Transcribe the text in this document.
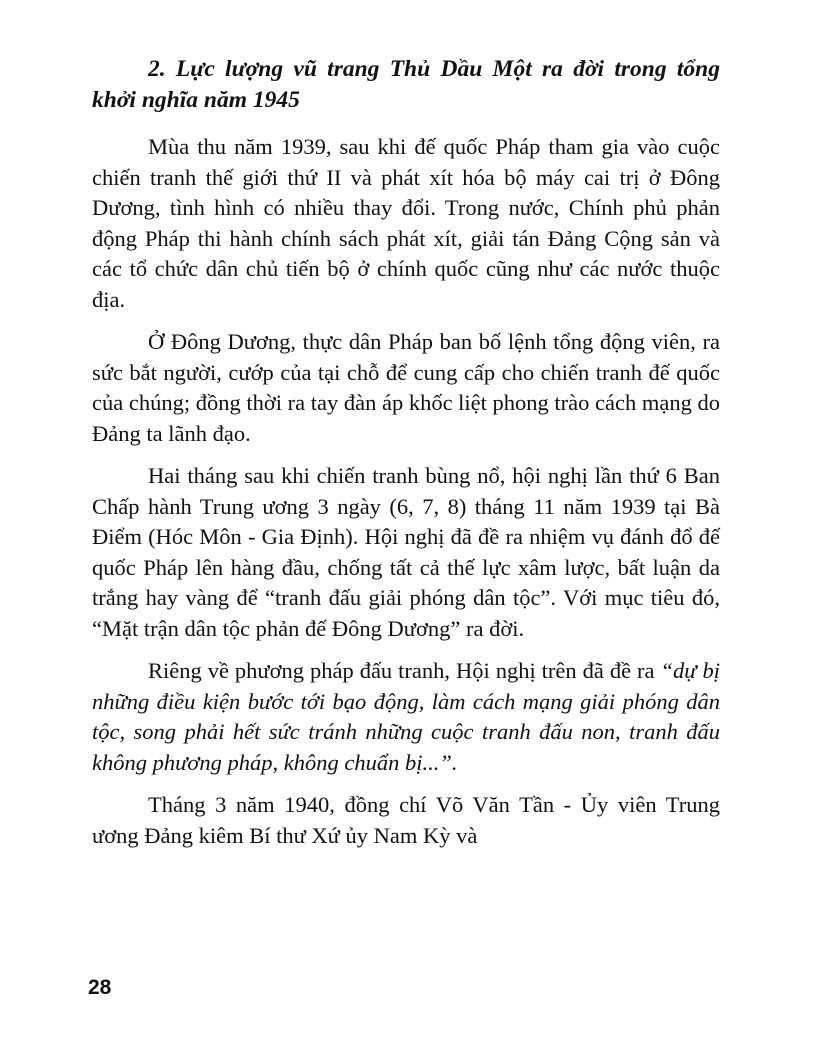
2. Lực lượng vũ trang Thủ Dầu Một ra đời trong tổng khởi nghĩa năm 1945

Mùa thu năm 1939, sau khi đế quốc Pháp tham gia vào cuộc chiến tranh thế giới thứ II và phát xít hóa bộ máy cai trị ở Đông Dương, tình hình có nhiều thay đổi. Trong nước, Chính phủ phản động Pháp thi hành chính sách phát xít, giải tán Đảng Cộng sản và các tổ chức dân chủ tiến bộ ở chính quốc cũng như các nước thuộc địa.

Ở Đông Dương, thực dân Pháp ban bố lệnh tổng động viên, ra sức bắt người, cướp của tại chỗ để cung cấp cho chiến tranh đế quốc của chúng; đồng thời ra tay đàn áp khốc liệt phong trào cách mạng do Đảng ta lãnh đạo.

Hai tháng sau khi chiến tranh bùng nổ, hội nghị lần thứ 6 Ban Chấp hành Trung ương 3 ngày (6, 7, 8) tháng 11 năm 1939 tại Bà Điểm (Hóc Môn - Gia Định). Hội nghị đã đề ra nhiệm vụ đánh đổ đế quốc Pháp lên hàng đầu, chống tất cả thế lực xâm lược, bất luận da trắng hay vàng để “tranh đấu giải phóng dân tộc”. Với mục tiêu đó, “Mặt trận dân tộc phản đế Đông Dương” ra đời.

Riêng về phương pháp đấu tranh, Hội nghị trên đã đề ra “dự bị những điều kiện bước tới bạo động, làm cách mạng giải phóng dân tộc, song phải hết sức tránh những cuộc tranh đấu non, tranh đấu không phương pháp, không chuẩn bị...”.

Tháng 3 năm 1940, đồng chí Võ Văn Tần - Ủy viên Trung ương Đảng kiêm Bí thư Xứ ủy Nam Kỳ và

28
